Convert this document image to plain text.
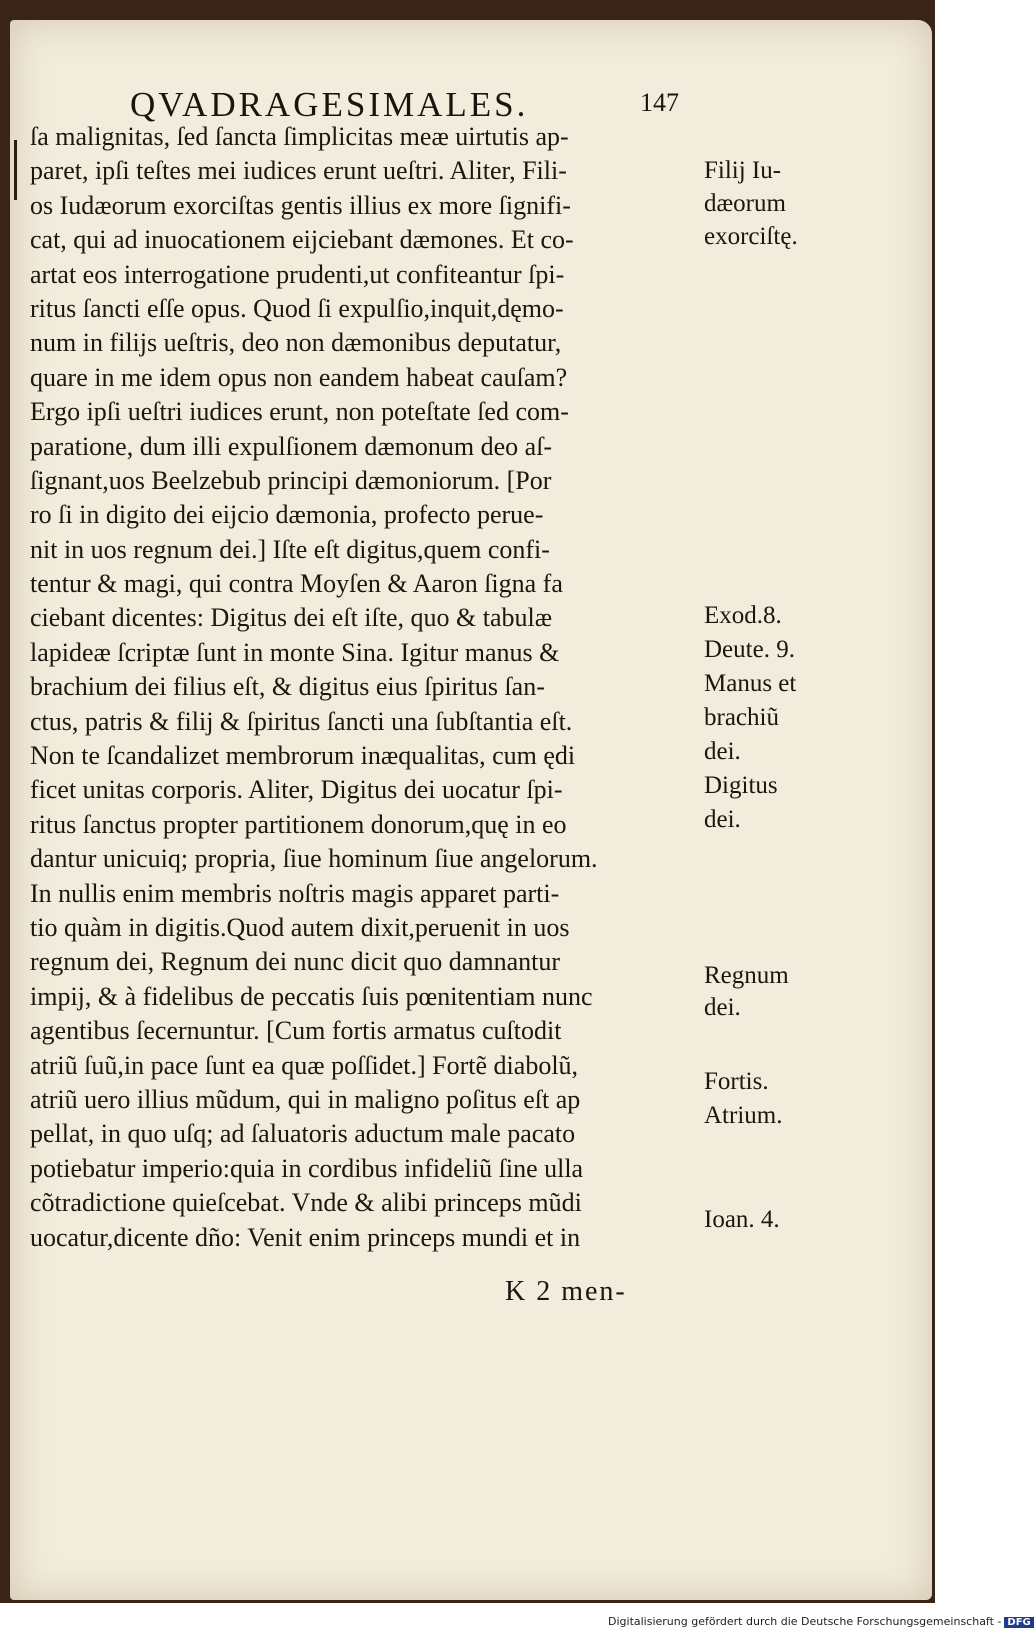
QVADRAGESIMALES.	147
ſa malignitas, ſed ſancta ſimplicitas meæ uirtutis ap-
paret, ipſi teſtes mei iudices erunt ueſtri. Aliter, Fili-
os Iudæorum exorciſtas gentis illius ex more ſignifi-
cat, qui ad inuocationem eijciebant dæmones. Et co-
artat eos interrogatione prudenti,ut confiteantur ſpi-
ritus ſancti eſſe opus. Quod ſi expulſio,inquit,dęmo-
num in filijs ueſtris, deo non dæmonibus deputatur,
quare in me idem opus non eandem habeat cauſam?
Ergo ipſi ueſtri iudices erunt, non poteſtate ſed com-
paratione, dum illi expulſionem dæmonum deo aſ-
ſignant,uos Beelzebub principi dæmoniorum. [Por
ro ſi in digito dei eijcio dæmonia, profecto perue-
nit in uos regnum dei.] Iſte eſt digitus,quem confi-
tentur & magi, qui contra Moyſen & Aaron ſigna fa
ciebant dicentes: Digitus dei eſt iſte, quo & tabulæ
lapideæ ſcriptæ ſunt in monte Sina. Igitur manus &
brachium dei filius eſt, & digitus eius ſpiritus ſan-
ctus, patris & filij & ſpiritus ſancti una ſubſtantia eſt.
Non te ſcandalizet membrorum inæqualitas, cum ędi
ficet unitas corporis. Aliter, Digitus dei uocatur ſpi-
ritus ſanctus propter partitionem donorum,quę in eo
dantur unicuiq; propria, ſiue hominum ſiue angelorum.
In nullis enim membris noſtris magis apparet parti-
tio quàm in digitis.Quod autem dixit,peruenit in uos
regnum dei, Regnum dei nunc dicit quo damnantur
impij, & à fidelibus de peccatis ſuis pœnitentiam nunc
agentibus ſecernuntur. [Cum fortis armatus cuſtodit
atriũ ſuũ,in pace ſunt ea quæ poſſidet.] Fortẽ diabolũ,
atriũ uero illius mũdum, qui in maligno poſitus eſt ap
pellat, in quo uſq; ad ſaluatoris aductum male pacato
potiebatur imperio:quia in cordibus infideliũ ſine ulla
cõtradictione quieſcebat. Vnde & alibi princeps mũdi
uocatur,dicente dño: Venit enim princeps mundi et in
Filij Iu-
dæorum
exorciſtę.
Exod.8.
Deute. 9.
Manus et
brachiũ
dei.
Digitus
dei.
Regnum
dei.
Fortis.
Atrium.
Ioan. 4.
K 2 men-
Digitalisierung gefördert durch die Deutsche Forschungsgemeinschaft - DFG
